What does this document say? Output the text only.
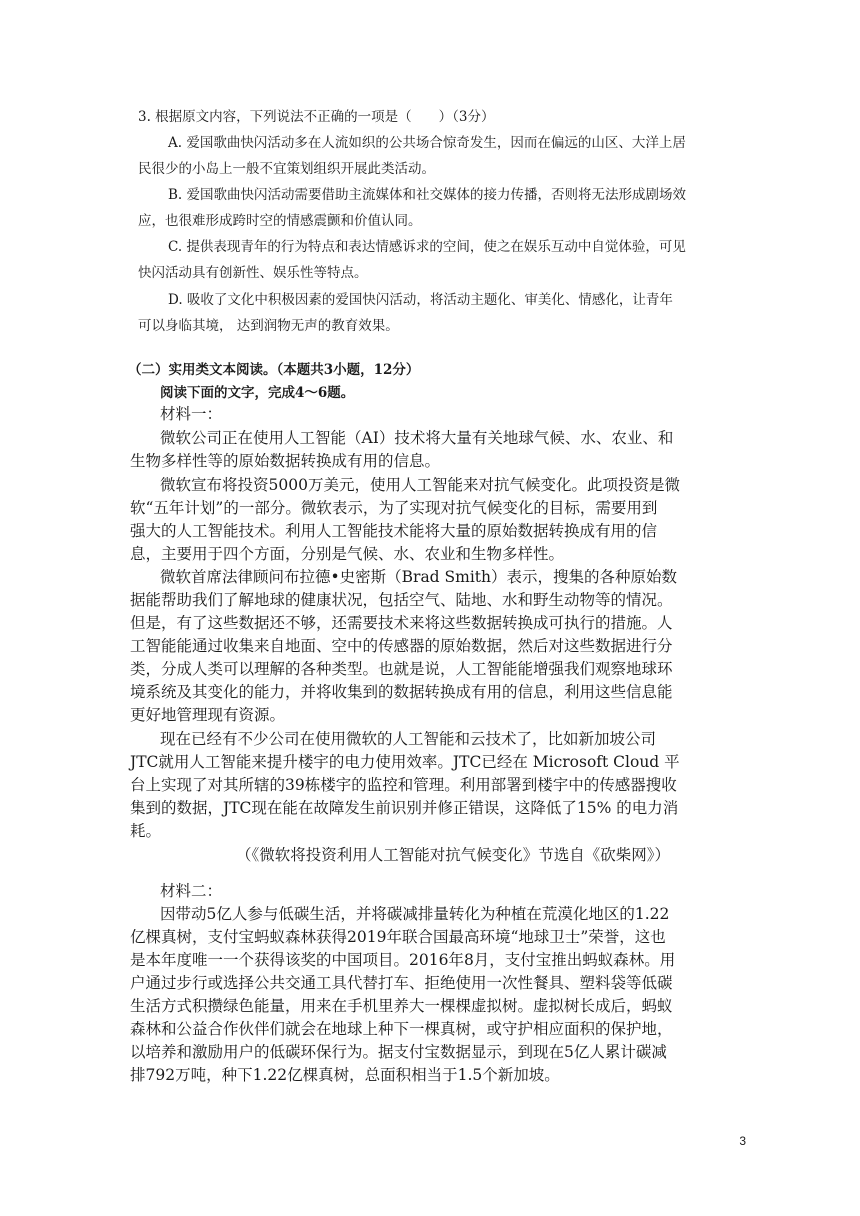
3. 根据原文内容，下列说法不正确的一项是（　　）（3分）
A. 爱国歌曲快闪活动多在人流如织的公共场合惊奇发生，因而在偏远的山区、大洋上居
民很少的小岛上一般不宜策划组织开展此类活动。
B. 爱国歌曲快闪活动需要借助主流媒体和社交媒体的接力传播，否则将无法形成剧场效
应，也很难形成跨时空的情感震颤和价值认同。
C. 提供表现青年的行为特点和表达情感诉求的空间，使之在娱乐互动中自觉体验，可见
快闪活动具有创新性、娱乐性等特点。
D. 吸收了文化中积极因素的爱国快闪活动，将活动主题化、审美化、情感化，让青年
可以身临其境， 达到润物无声的教育效果。
（二）实用类文本阅读。（本题共3小题，12分）
阅读下面的文字，完成4～6题。
材料一：
微软公司正在使用人工智能（AI）技术将大量有关地球气候、水、农业、和
生物多样性等的原始数据转换成有用的信息。
微软宣布将投资5000万美元，使用人工智能来对抗气候变化。此项投资是微
软“五年计划”的一部分。微软表示，为了实现对抗气候变化的目标，需要用到
强大的人工智能技术。利用人工智能技术能将大量的原始数据转换成有用的信
息，主要用于四个方面，分别是气候、水、农业和生物多样性。
微软首席法律顾问布拉德•史密斯（Brad Smith）表示，搜集的各种原始数
据能帮助我们了解地球的健康状况，包括空气、陆地、水和野生动物等的情况。
但是，有了这些数据还不够，还需要技术来将这些数据转换成可执行的措施。人
工智能能通过收集来自地面、空中的传感器的原始数据，然后对这些数据进行分
类，分成人类可以理解的各种类型。也就是说，人工智能能增强我们观察地球环
境系统及其变化的能力，并将收集到的数据转换成有用的信息，利用这些信息能
更好地管理现有资源。
现在已经有不少公司在使用微软的人工智能和云技术了，比如新加坡公司
JTC就用人工智能来提升楼宇的电力使用效率。JTC已经在 Microsoft Cloud 平
台上实现了对其所辖的39栋楼宇的监控和管理。利用部署到楼宇中的传感器搜收
集到的数据，JTC现在能在故障发生前识别并修正错误，这降低了15% 的电力消
耗。
（《微软将投资利用人工智能对抗气候变化》节选自《砍柴网》）
材料二：
因带动5亿人参与低碳生活，并将碳减排量转化为种植在荒漠化地区的1.22
亿棵真树，支付宝蚂蚁森林获得2019年联合国最高环境“地球卫士”荣誉，这也
是本年度唯一一个获得该奖的中国项目。2016年8月，支付宝推出蚂蚁森林。用
户通过步行或选择公共交通工具代替打车、拒绝使用一次性餐具、塑料袋等低碳
生活方式积攒绿色能量，用来在手机里养大一棵棵虚拟树。虚拟树长成后，蚂蚁
森林和公益合作伙伴们就会在地球上种下一棵真树，或守护相应面积的保护地，
以培养和激励用户的低碳环保行为。据支付宝数据显示，到现在5亿人累计碳减
排792万吨，种下1.22亿棵真树，总面积相当于1.5个新加坡。
3
